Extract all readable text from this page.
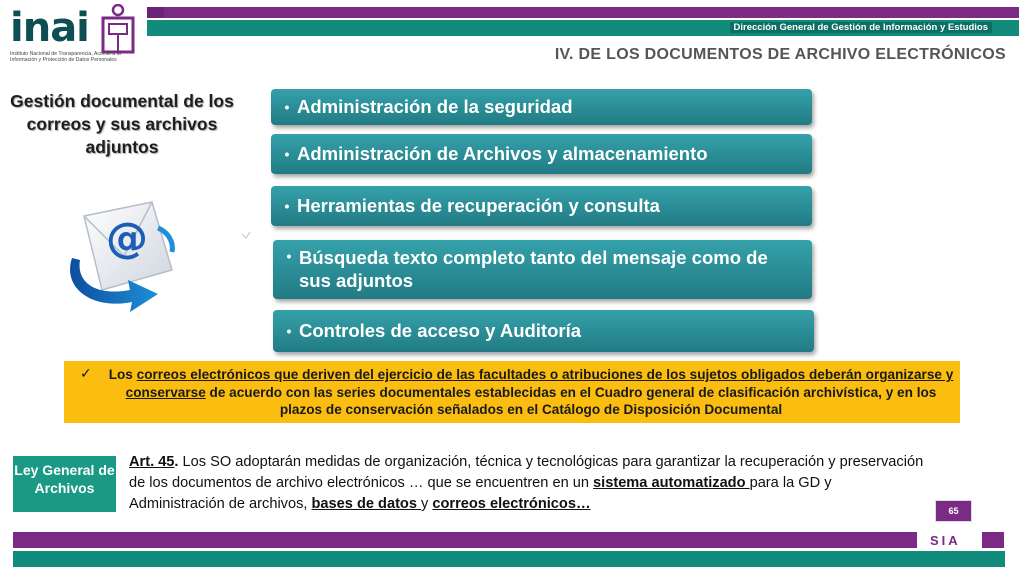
inai
Instituto Nacional de Transparencia, Acceso a la Información y Protección de Datos Personales
Dirección General de Gestión de Información y Estudios
IV. DE LOS DOCUMENTOS DE ARCHIVO ELECTRÓNICOS
Gestión documental de los correos y sus archivos adjuntos
@
• Administración de la seguridad
• Administración de Archivos y almacenamiento
• Herramientas de recuperación y consulta
• Búsqueda texto completo tanto del mensaje como de sus adjuntos
• Controles de acceso y Auditoría
✓ Los correos electrónicos que deriven del ejercicio de las facultades o atribuciones de los sujetos obligados deberán organizarse y conservarse de acuerdo con las series documentales establecidas en el Cuadro general de clasificación archivística, y en los plazos de conservación señalados en el Catálogo de Disposición Documental
Ley General de Archivos
Art. 45. Los SO adoptarán medidas de organización, técnica y tecnológicas para garantizar la recuperación y preservación de los documentos de archivo electrónicos … que se encuentren en un sistema automatizado para la GD y Administración de archivos, bases de datos y correos electrónicos…	65
SIA
